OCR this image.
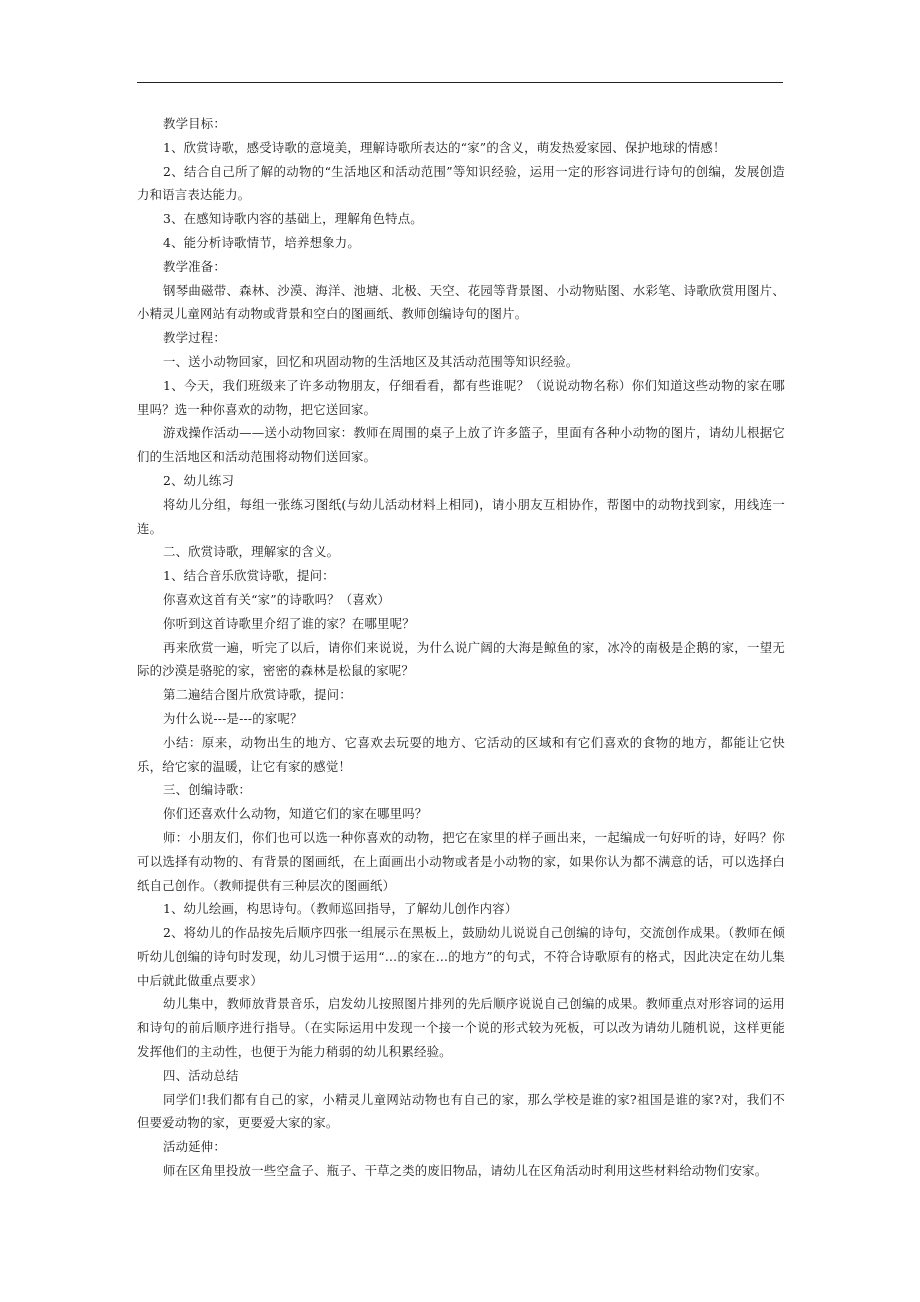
教学目标：

1、欣赏诗歌，感受诗歌的意境美，理解诗歌所表达的“家”的含义，萌发热爱家园、保护地球的情感！

2、结合自己所了解的动物的“生活地区和活动范围”等知识经验，运用一定的形容词进行诗句的创编，发展创造力和语言表达能力。

3、在感知诗歌内容的基础上，理解角色特点。

4、能分析诗歌情节，培养想象力。

教学准备：

钢琴曲磁带、森林、沙漠、海洋、池塘、北极、天空、花园等背景图、小动物贴图、水彩笔、诗歌欣赏用图片、小精灵儿童网站有动物或背景和空白的图画纸、教师创编诗句的图片。

教学过程：

一、送小动物回家，回忆和巩固动物的生活地区及其活动范围等知识经验。

1、今天，我们班级来了许多动物朋友，仔细看看，都有些谁呢？（说说动物名称）你们知道这些动物的家在哪里吗？选一种你喜欢的动物，把它送回家。

游戏操作活动——送小动物回家：教师在周围的桌子上放了许多篮子，里面有各种小动物的图片，请幼儿根据它们的生活地区和活动范围将动物们送回家。

2、幼儿练习

将幼儿分组，每组一张练习图纸(与幼儿活动材料上相同)，请小朋友互相协作，帮图中的动物找到家，用线连一连。

二、欣赏诗歌，理解家的含义。

1、结合音乐欣赏诗歌，提问：

你喜欢这首有关“家”的诗歌吗？（喜欢）

你听到这首诗歌里介绍了谁的家？在哪里呢？

再来欣赏一遍，听完了以后，请你们来说说，为什么说广阔的大海是鲸鱼的家，冰冷的南极是企鹅的家，一望无际的沙漠是骆驼的家，密密的森林是松鼠的家呢？

第二遍结合图片欣赏诗歌，提问：

为什么说---是---的家呢？

小结：原来，动物出生的地方、它喜欢去玩耍的地方、它活动的区域和有它们喜欢的食物的地方，都能让它快乐，给它家的温暖，让它有家的感觉！

三、创编诗歌：

你们还喜欢什么动物，知道它们的家在哪里吗？

师：小朋友们，你们也可以选一种你喜欢的动物，把它在家里的样子画出来，一起编成一句好听的诗，好吗？你可以选择有动物的、有背景的图画纸，在上面画出小动物或者是小动物的家，如果你认为都不满意的话，可以选择白纸自己创作。（教师提供有三种层次的图画纸）

1、幼儿绘画，构思诗句。（教师巡回指导，了解幼儿创作内容）

2、将幼儿的作品按先后顺序四张一组展示在黑板上，鼓励幼儿说说自己创编的诗句，交流创作成果。（教师在倾听幼儿创编的诗句时发现，幼儿习惯于运用“…的家在…的地方”的句式，不符合诗歌原有的格式，因此决定在幼儿集中后就此做重点要求）

幼儿集中，教师放背景音乐，启发幼儿按照图片排列的先后顺序说说自己创编的成果。教师重点对形容词的运用和诗句的前后顺序进行指导。（在实际运用中发现一个接一个说的形式较为死板，可以改为请幼儿随机说，这样更能发挥他们的主动性，也便于为能力稍弱的幼儿积累经验。

四、活动总结

同学们!我们都有自己的家，小精灵儿童网站动物也有自己的家，那么学校是谁的家?祖国是谁的家?对，我们不但要爱动物的家，更要爱大家的家。

活动延伸：

师在区角里投放一些空盒子、瓶子、干草之类的废旧物品，请幼儿在区角活动时利用这些材料给动物们安家。
